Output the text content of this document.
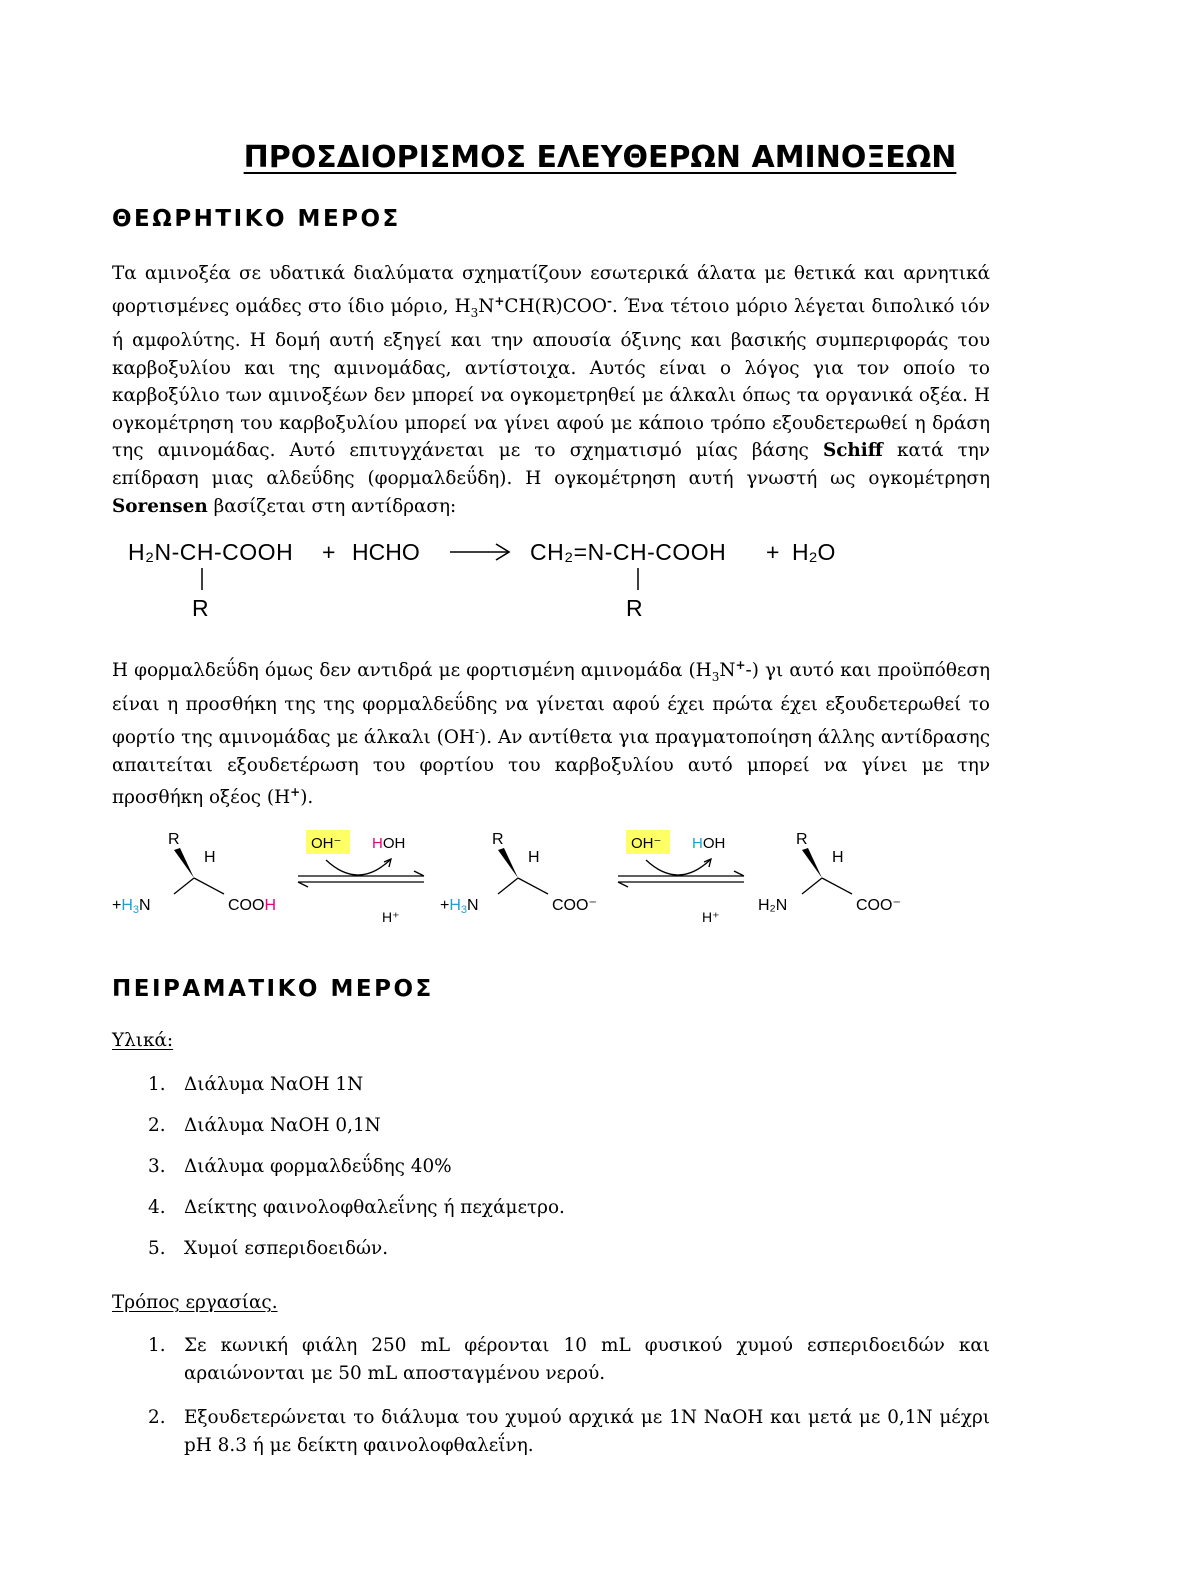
ΠΡΟΣΔΙΟΡΙΣΜΟΣ ΕΛΕΥΘΕΡΩΝ ΑΜΙΝΟΞΕΩΝ
ΘΕΩΡΗΤΙΚΟ ΜΕΡΟΣ

Τα αμινοξέα σε υδατικά διαλύματα σχηματίζουν εσωτερικά άλατα με θετικά και αρνητικά φορτισμένες ομάδες στο ίδιο μόριο, $H_3N^+CH(R)COO^-$. Ένα τέτοιο μόριο λέγεται διπολικό ιόν ή αμφολύτης. Η δομή αυτή εξηγεί και την απουσία όξινης και βασικής συμπεριφοράς του καρβοξυλίου και της αμινομάδας, αντίστοιχα. Αυτός είναι ο λόγος για τον οποίο το καρβοξύλιο των αμινοξέων δεν μπορεί να ογκομετρηθεί με άλκαλι όπως τα οργανικά οξέα. Η ογκομέτρηση του καρβοξυλίου μπορεί να γίνει αφού με κάποιο τρόπο εξουδετερωθεί η δράση της αμινομάδας. Αυτό επιτυγχάνεται με το σχηματισμό μίας βάσης Schiff κατά την επίδραση μιας αλδεΰδης (φορμαλδεΰδη). Η ογκομέτρηση αυτή γνωστή ως ογκομέτρηση Sorensen βασίζεται στη αντίδραση:

H₂N-CH-COOH + HCHO	CH₂=N-CH-COOH + H₂O
R	R

Η φορμαλδεΰδη όμως δεν αντιδρά με φορτισμένη αμινομάδα $(H_3N^+-)$ γι αυτό και προϋπόθεση είναι η προσθήκη της της φορμαλδεΰδης να γίνεται αφού έχει πρώτα έχει εξουδετερωθεί το φορτίο της αμινομάδας με άλκαλι (OH-). Αν αντίθετα για πραγματοποίηση άλλης αντίδρασης απαιτείται εξουδετέρωση του φορτίου του καρβοξυλίου αυτό μπορεί να γίνει με την προσθήκη οξέος (H+).

R
H
+H3N	COOH
OH⁻ HOH
H⁺
R
H
+H3N	COO⁻
OH⁻ HOH
H⁺
R
H
H₂N	COO⁻
ΠΕΙΡΑΜΑΤΙΚΟ ΜΕΡΟΣ
Υλικά:
1. Διάλυμα ΝαΟΗ 1Ν
2. Διάλυμα ΝαΟΗ 0,1Ν
3. Διάλυμα φορμαλδεΰδης 40%
4. Δείκτης φαινολοφθαλεΐνης ή πεχάμετρο.
5. Χυμοί εσπεριδοειδών.
Τρόπος εργασίας.
1. Σε κωνική φιάλη 250 mL φέρονται 10 mL φυσικού χυμού εσπεριδοειδών και αραιώνονται με 50 mL αποσταγμένου νερού.
2. Εξουδετερώνεται το διάλυμα του χυμού αρχικά με 1N ΝαΟΗ και μετά με 0,1N μέχρι pH 8.3 ή με δείκτη φαινολοφθαλεΐνη.
